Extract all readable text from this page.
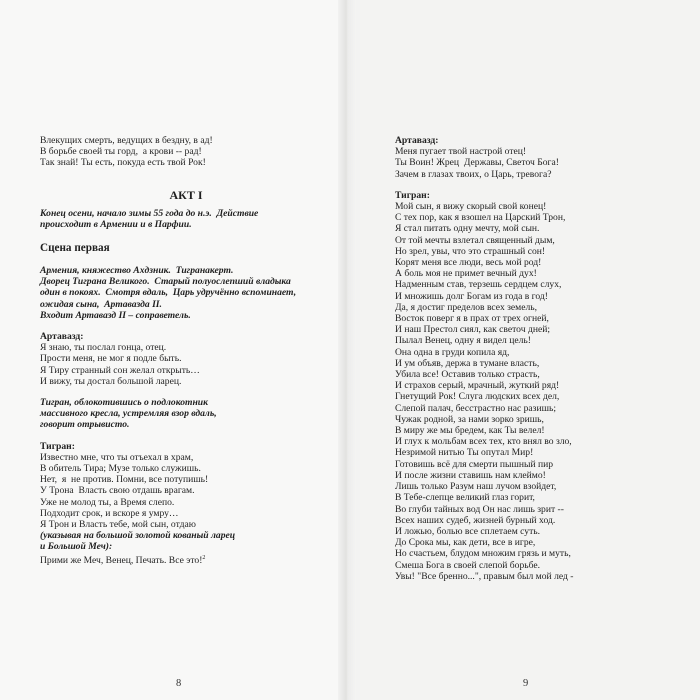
Влекущих смерть, ведущих в бездну, в ад!
В борьбе своей ты горд,  а крови -- рад!
Так знай! Ты есть, покуда есть твой Рок!
АКТ I
Конец осени, начало зимы 55 года до н.э.  Действие
происходит в Армении и в Парфии.
Сцена первая
Армения, княжество Ахдзник.  Тигранакерт.
Дворец Тиграна Великого.  Старый полуослепший владыка
один в покоях.  Смотря вдаль,  Царь удручённо вспоминает,
ожидая сына,  Артавазда II.
Входит Артавазд II – соправетель.
Артавазд:
Я знаю, ты послал гонца, отец.
Прости меня, не мог я подле быть.
Я Тиру странный сон желал открыть…
И вижу, ты достал большой ларец.
Тигран, облокотившись о подлокотник
массивного кресла, устремляя взор вдаль,
говорит отрывисто.
Тигран:
Известно мне, что ты отъехал в храм,
В обитель Тира; Музе только служишь.
Нет,  я  не против. Помни, все потупишь!
У Трона  Власть свою отдашь врагам.
Уже не молод ты, а Время слепо.
Подходит срок, и вскоре я умру…
Я Трон и Власть тебе, мой сын, отдаю
(указывая на большой золотой кованый ларец
и Большой Меч):
Прими же Меч, Венец, Печать. Все это!$^2$
8
Артавазд:
Меня пугает твой настрой отец!
Ты Воин! Жрец  Державы, Светоч Бога!
Зачем в глазах твоих, о Царь, тревога?
Тигран:
Мой сын, я вижу скорый свой конец!
С тех пор, как я взошел на Царский Трон,
Я стал питать одну мечту, мой сын.
От той мечты взлетал священный дым,
Но зрел, увы, что это страшный сон!
Корят меня все люди, весь мой род!
А боль моя не примет вечный дух!
Надменным став, терзешь сердцем слух,
И множишь долг Богам из года в год!
Да, я достиг пределов всех земель,
Восток поверг я в прах от трех огней,
И наш Престол сиял, как светоч дней;
Пылал Венец, одну я видел цель!
Она одна в груди копила яд,
И ум объяв, держа в тумане власть,
Убила все! Оставив только страсть,
И страхов серый, мрачный, жуткий ряд!
Гнетущий Рок! Слуга людских всех дел,
Слепой палач, бесстрастно нас разишь;
Чужак родной, за нами зорко зришь,
В миру же мы бредем, как Ты велел!
И глух к мольбам всех тех, кто внял во зло,
Незримой нитью Ты опутал Мир!
Готовишь всё для смерти пышный пир
И после жизни ставишь нам клеймо!
Лишь только Разум наш лучом взойдет,
В Тебе-слепце великий глаз горит,
Во глуби тайных вод Он нас лишь зрит --
Всех наших судеб, жизней бурный ход.
И ложью, болью все сплетаем суть.
До Срока мы, как дети, все в игре,
Но счастьем, блудом множим грязь и муть,
Смеша Бога в своей слепой борьбе.
Увы! "Все бренно...", правым был мой лед -
9
